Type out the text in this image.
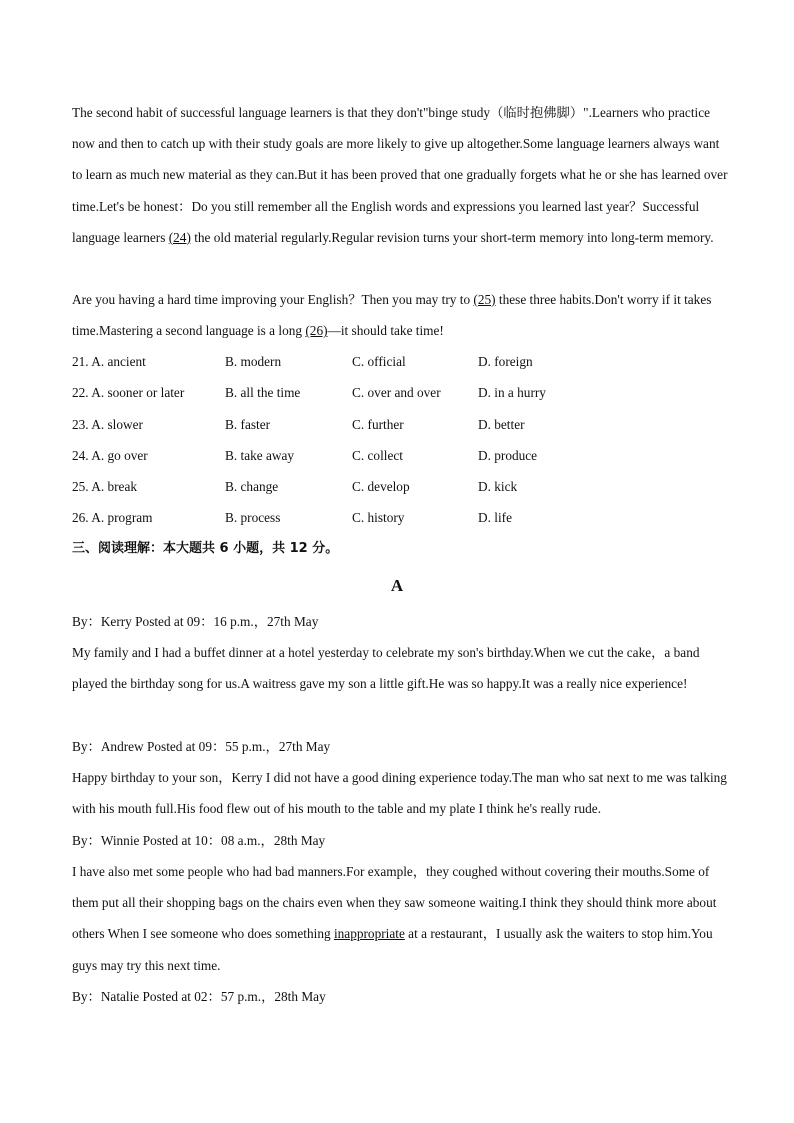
The second habit of successful language learners is that they don't"binge study（临时抱佛脚）".Learners who practice now and then to catch up with their study goals are more likely to give up altogether.Some language learners always want to learn as much new material as they can.But it has been proved that one gradually forgets what he or she has learned over time.Let's be honest：Do you still remember all the English words and expressions you learned last year？Successful language learners (24) the old material regularly.Regular revision turns your short-term memory into long-term memory.

Are you having a hard time improving your English？Then you may try to (25) these three habits.Don't worry if it takes time.Mastering a second language is a long (26)—it should take time!

21. A. ancient	B. modern	C. official	D. foreign
22. A. sooner or later	B. all the time	C. over and over	D. in a hurry
23. A. slower	B. faster	C. further	D. better
24. A. go over	B. take away	C. collect	D. produce
25. A. break	B. change	C. develop	D. kick
26. A. program	B. process	C. history	D. life
三、阅读理解：本大题共 6 小题，共 12 分。
A

By：Kerry Posted at 09：16 p.m.，27th May

My family and I had a buffet dinner at a hotel yesterday to celebrate my son's birthday.When we cut the cake，a band played the birthday song for us.A waitress gave my son a little gift.He was so happy.It was a really nice experience!

By：Andrew Posted at 09：55 p.m.，27th May

Happy birthday to your son，Kerry I did not have a good dining experience today.The man who sat next to me was talking with his mouth full.His food flew out of his mouth to the table and my plate I think he's really rude.

By：Winnie Posted at 10：08 a.m.，28th May

I have also met some people who had bad manners.For example，they coughed without covering their mouths.Some of them put all their shopping bags on the chairs even when they saw someone waiting.I think they should think more about others When I see someone who does something inappropriate at a restaurant，I usually ask the waiters to stop him.You guys may try this next time.

By：Natalie Posted at 02：57 p.m.，28th May
